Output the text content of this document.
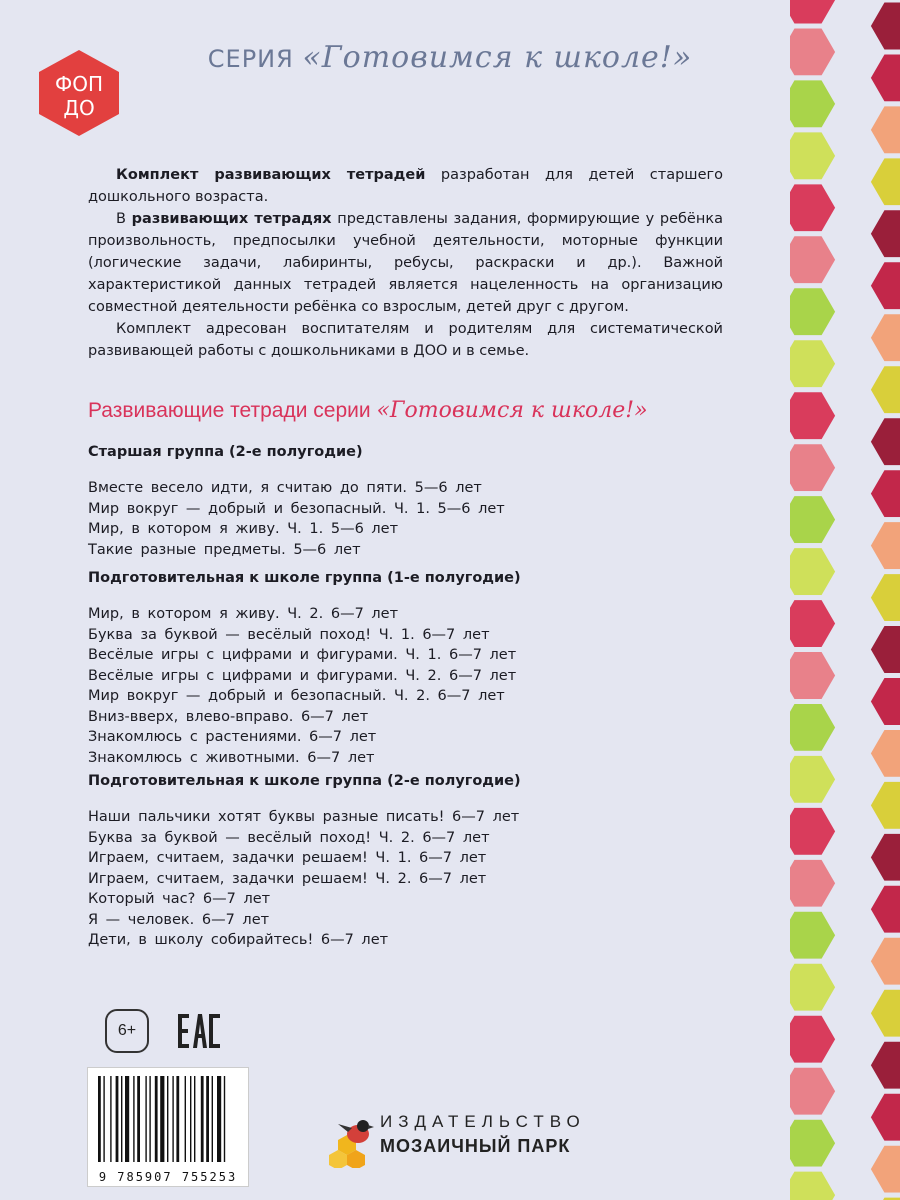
ФОП
ДО
СЕРИЯ «Готовимся к школе!»

Комплект развивающих тетрадей разработан для детей старшего дошкольного возраста.

В развивающих тетрадях представлены задания, формирующие у ребёнка произвольность, предпосылки учебной деятельности, моторные функции (логические задачи, лабиринты, ребусы, раскраски и др.). Важной характеристикой данных тетрадей является нацеленность на организацию совместной деятельности ребёнка со взрослым, детей друг с другом.

Комплект адресован воспитателям и родителям для систематической развивающей работы с дошкольниками в ДОО и в семье.

Развивающие тетради серии «Готовимся к школе!»
Старшая группа (2-е полугодие)
Вместе весело идти, я считаю до пяти. 5—6 лет
Мир вокруг — добрый и безопасный. Ч. 1. 5—6 лет
Мир, в котором я живу. Ч. 1. 5—6 лет
Такие разные предметы. 5—6 лет
Подготовительная к школе группа (1-е полугодие)
Мир, в котором я живу. Ч. 2. 6—7 лет
Буква за буквой — весёлый поход! Ч. 1. 6—7 лет
Весёлые игры с цифрами и фигурами. Ч. 1. 6—7 лет
Весёлые игры с цифрами и фигурами. Ч. 2. 6—7 лет
Мир вокруг — добрый и безопасный. Ч. 2. 6—7 лет
Вниз-вверх, влево-вправо. 6—7 лет
Знакомлюсь с растениями. 6—7 лет
Знакомлюсь с животными. 6—7 лет
Подготовительная к школе группа (2-е полугодие)
Наши пальчики хотят буквы разные писать! 6—7 лет
Буква за буквой — весёлый поход! Ч. 2. 6—7 лет
Играем, считаем, задачки решаем! Ч. 1. 6—7 лет
Играем, считаем, задачки решаем! Ч. 2. 6—7 лет
Который час? 6—7 лет
Я — человек. 6—7 лет
Дети, в школу собирайтесь! 6—7 лет
6+
9 785907 755253
ИЗДАТЕЛЬСТВО
МОЗАИЧНЫЙ ПАРК
